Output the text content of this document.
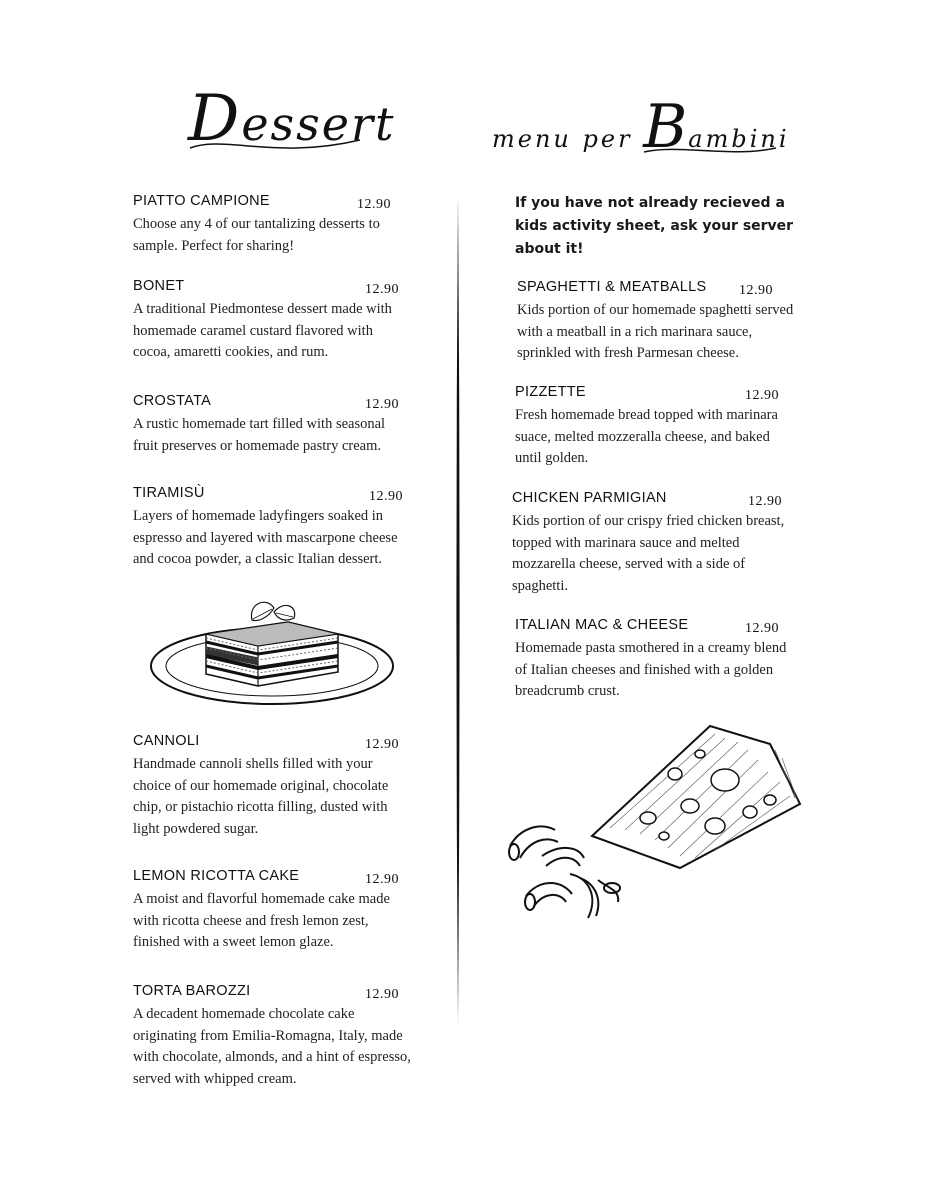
Dessert	menu per Bambini
PIATTO CAMPIONE	12.90
Choose any 4 of our tantalizing desserts to sample. Perfect for sharing!
BONET	12.90
A traditional Piedmontese dessert made with homemade caramel custard flavored with cocoa, amaretti cookies, and rum.
CROSTATA	12.90
A rustic homemade tart filled with seasonal fruit preserves or homemade pastry cream.
TIRAMISÙ	12.90
Layers of homemade ladyfingers soaked in espresso and layered with mascarpone cheese and cocoa powder, a classic Italian dessert.
CANNOLI	12.90
Handmade cannoli shells filled with your choice of our homemade original, chocolate chip, or pistachio ricotta filling, dusted with light powdered sugar.
LEMON RICOTTA CAKE	12.90
A moist and flavorful homemade cake made with ricotta cheese and fresh lemon zest, finished with a sweet lemon glaze.
TORTA BAROZZI	12.90
A decadent homemade chocolate cake originating from Emilia-Romagna, Italy, made with chocolate, almonds, and a hint of espresso, served with whipped cream.
If you have not already recieved a kids activity sheet, ask your server about it!
SPAGHETTI & MEATBALLS 12.90
Kids portion of our homemade spaghetti served with a meatball in a rich marinara sauce, sprinkled with fresh Parmesan cheese.
PIZZETTE	12.90
Fresh homemade bread topped with marinara suace, melted mozzeralla cheese, and baked until golden.
CHICKEN PARMIGIAN	12.90
Kids portion of our crispy fried chicken breast, topped with marinara sauce and melted mozzarella cheese, served with a side of spaghetti.
ITALIAN MAC & CHEESE	12.90
Homemade pasta smothered in a creamy blend of Italian cheeses and finished with a golden breadcrumb crust.
